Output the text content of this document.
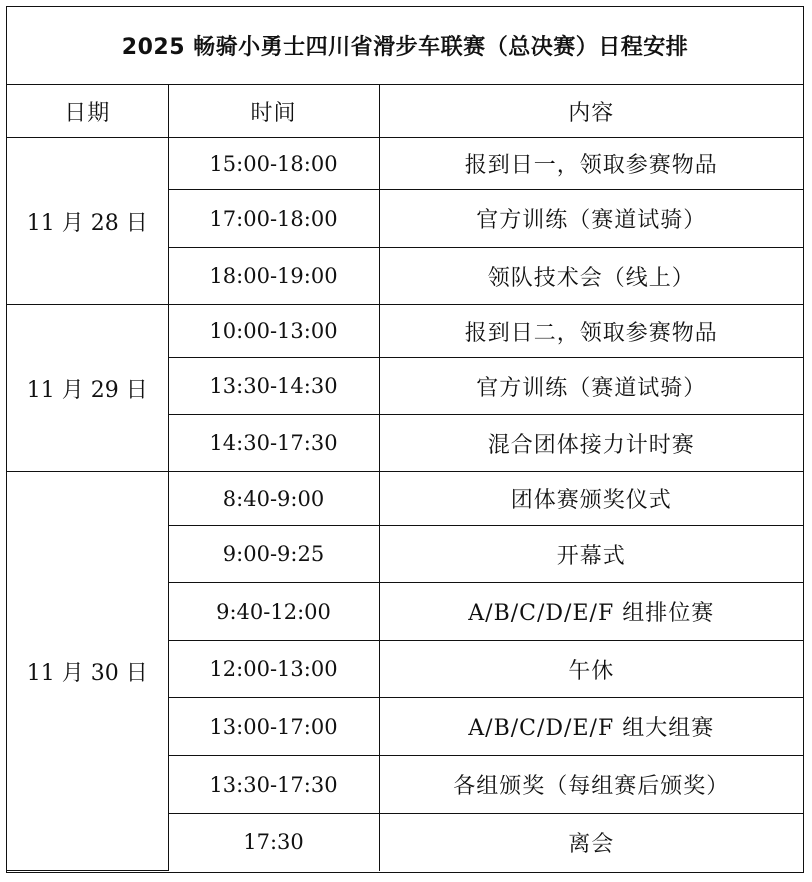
2025 畅骑小勇士四川省滑步车联赛（总决赛）日程安排
日期	时间	内容
11 月 28 日	15:00-18:00	报到日一，领取参赛物品
	17:00-18:00	官方训练（赛道试骑）
	18:00-19:00	领队技术会（线上）
11 月 29 日	10:00-13:00	报到日二，领取参赛物品
	13:30-14:30	官方训练（赛道试骑）
	14:30-17:30	混合团体接力计时赛
11 月 30 日	8:40-9:00	团体赛颁奖仪式
	9:00-9:25	开幕式
	9:40-12:00	A/B/C/D/E/F 组排位赛
	12:00-13:00	午休
	13:00-17:00	A/B/C/D/E/F 组大组赛
	13:30-17:30	各组颁奖（每组赛后颁奖）
	17:30	离会
